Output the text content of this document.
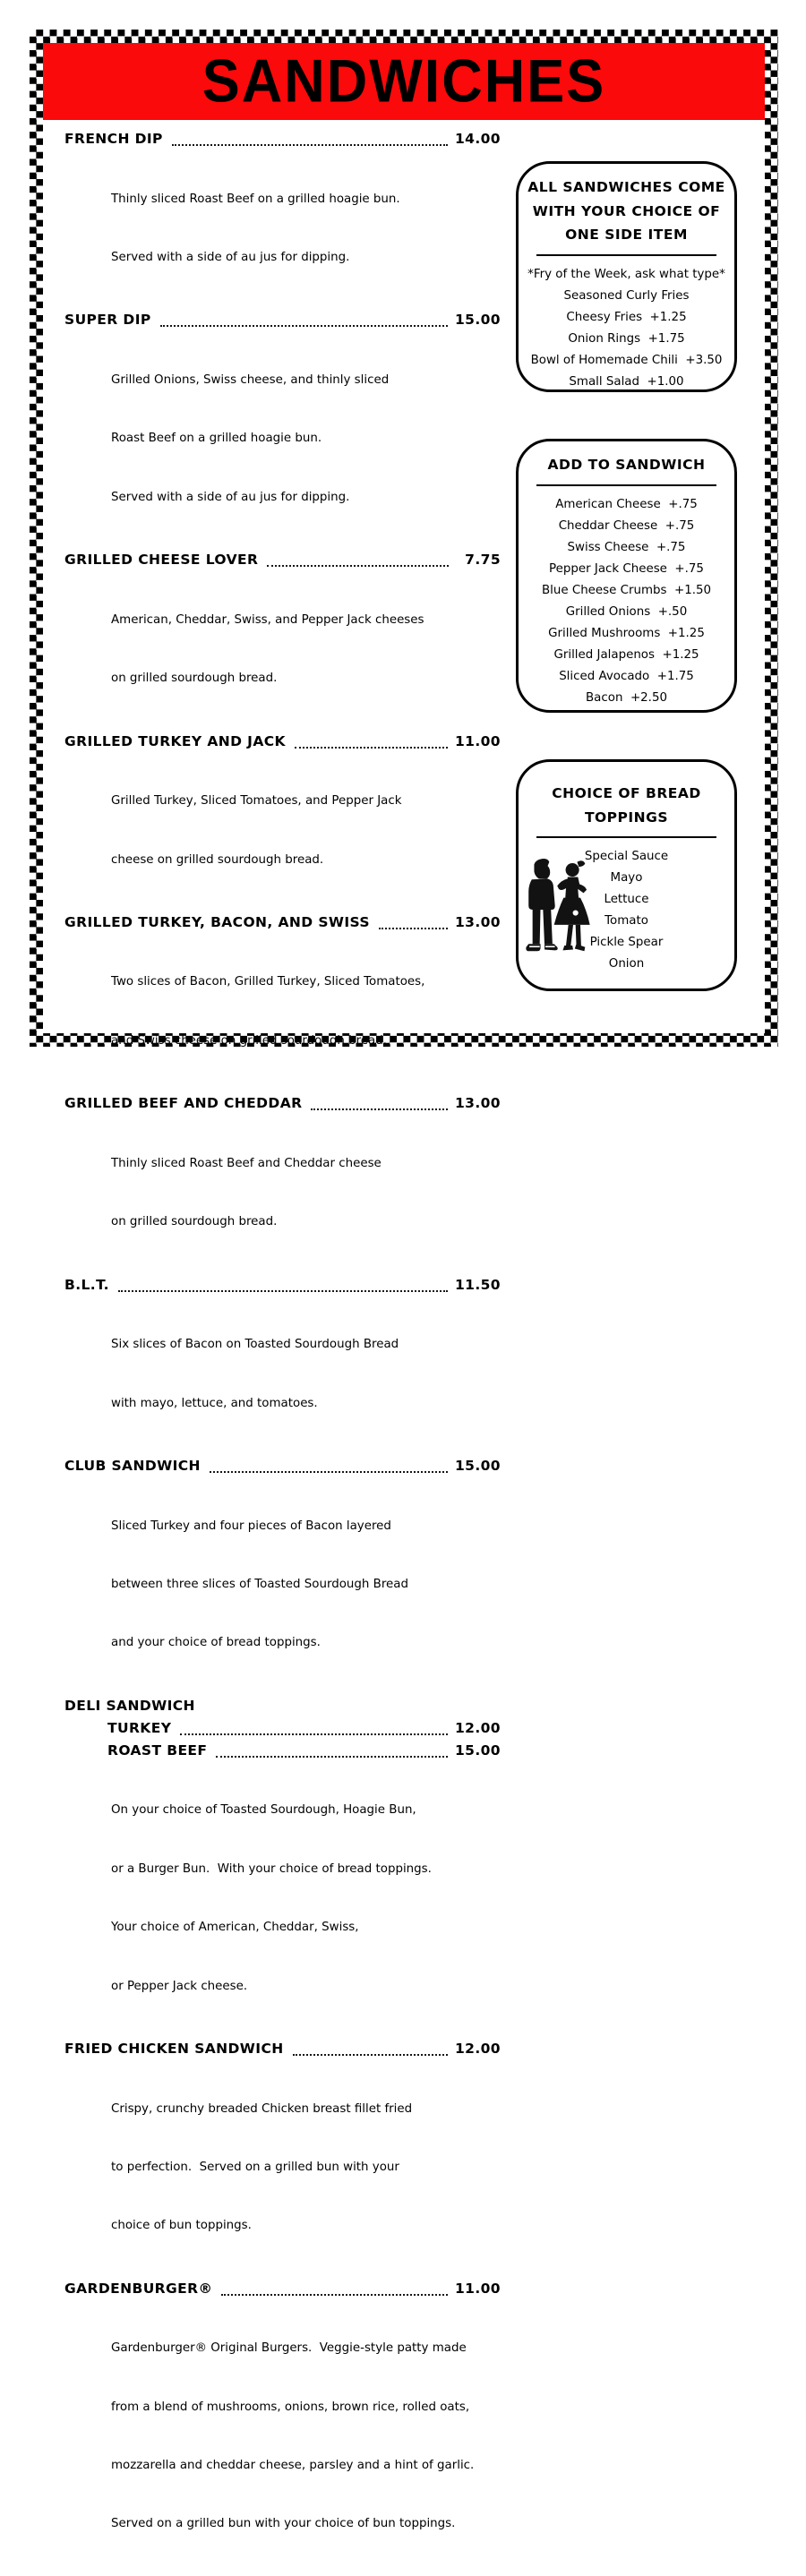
SANDWICHES
FRENCH DIP	14.00

Thinly sliced Roast Beef on a grilled hoagie bun.

Served with a side of au jus for dipping.

SUPER DIP	15.00

Grilled Onions, Swiss cheese, and thinly sliced

Roast Beef on a grilled hoagie bun.

Served with a side of au jus for dipping.

GRILLED CHEESE LOVER	7.75

American, Cheddar, Swiss, and Pepper Jack cheeses

on grilled sourdough bread.

GRILLED TURKEY AND JACK	11.00

Grilled Turkey, Sliced Tomatoes, and Pepper Jack

cheese on grilled sourdough bread.

GRILLED TURKEY, BACON, AND SWISS	13.00

Two slices of Bacon, Grilled Turkey, Sliced Tomatoes,

and Swiss cheese on grilled sourdough bread.

GRILLED BEEF AND CHEDDAR	13.00

Thinly sliced Roast Beef and Cheddar cheese

on grilled sourdough bread.

B.L.T.	11.50

Six slices of Bacon on Toasted Sourdough Bread

with mayo, lettuce, and tomatoes.

CLUB SANDWICH	15.00

Sliced Turkey and four pieces of Bacon layered

between three slices of Toasted Sourdough Bread

and your choice of bread toppings.

DELI SANDWICH
TURKEY	12.00
ROAST BEEF	15.00

On your choice of Toasted Sourdough, Hoagie Bun,

or a Burger Bun.  With your choice of bread toppings.

Your choice of American, Cheddar, Swiss,

or Pepper Jack cheese.

FRIED CHICKEN SANDWICH	12.00

Crispy, crunchy breaded Chicken breast fillet fried

to perfection.  Served on a grilled bun with your

choice of bun toppings.

GARDENBURGER®	11.00

Gardenburger® Original Burgers.  Veggie-style patty made

from a blend of mushrooms, onions, brown rice, rolled oats,

mozzarella and cheddar cheese, parsley and a hint of garlic.

Served on a grilled bun with your choice of bun toppings.

ALL SANDWICHES COME
WITH YOUR CHOICE OF
ONE SIDE ITEM
*Fry of the Week, ask what type*
Seasoned Curly Fries
Cheesy Fries  +1.25
Onion Rings  +1.75
Bowl of Homemade Chili  +3.50
Small Salad  +1.00
ADD TO SANDWICH
American Cheese  +.75
Cheddar Cheese  +.75
Swiss Cheese  +.75
Pepper Jack Cheese  +.75
Blue Cheese Crumbs  +1.50
Grilled Onions  +.50
Grilled Mushrooms  +1.25
Grilled Jalapenos  +1.25
Sliced Avocado  +1.75
Bacon  +2.50
CHOICE OF BREAD
TOPPINGS
Special Sauce
Mayo
Lettuce
Tomato
Pickle Spear
Onion
